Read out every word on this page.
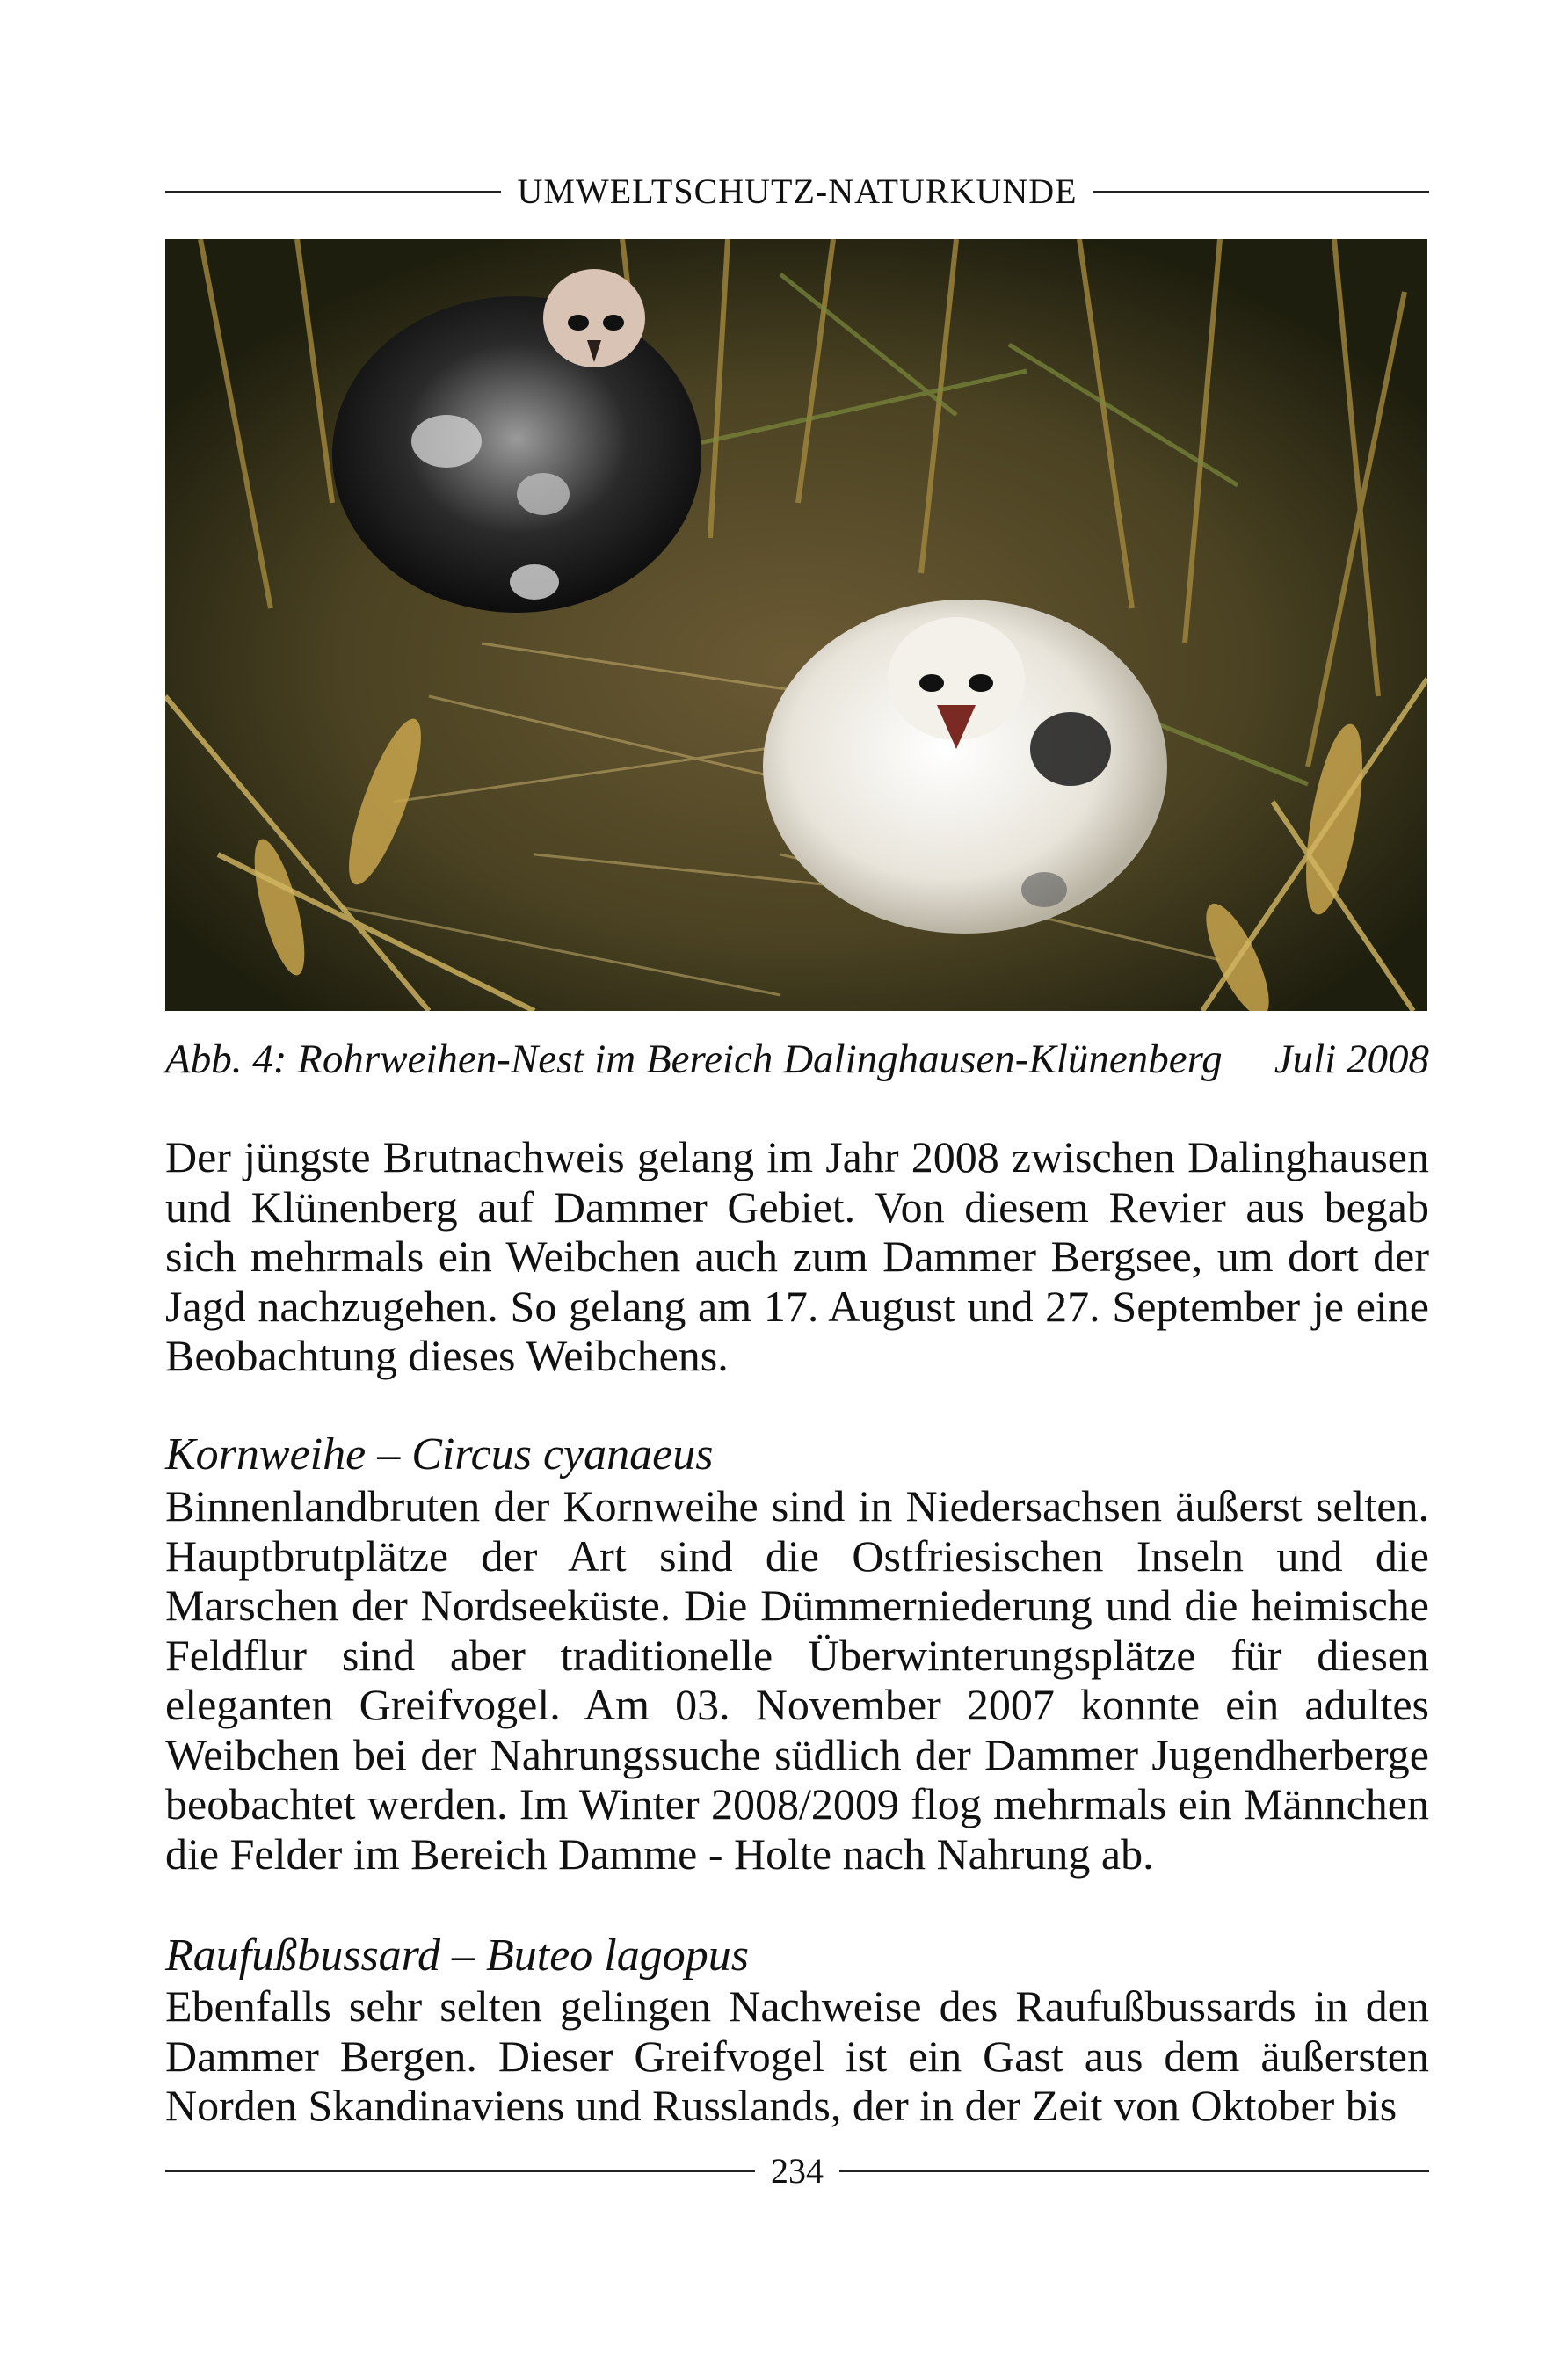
UMWELTSCHUTZ-NATURKUNDE
Abb. 4: Rohrweihen-Nest im Bereich Dalinghausen-Klünenberg Juli 2008

Der jüngste Brutnachweis gelang im Jahr 2008 zwischen Dalinghausen und Klünenberg auf Dammer Gebiet. Von diesem Revier aus begab sich mehrmals ein Weibchen auch zum Dammer Bergsee, um dort der Jagd nachzugehen. So gelang am 17. August und 27. September je eine Beobachtung dieses Weibchens.

Kornweihe – Circus cyanaeus

Binnenlandbruten der Kornweihe sind in Niedersachsen äußerst selten. Hauptbrutplätze der Art sind die Ostfriesischen Inseln und die Marschen der Nordseeküste. Die Dümmerniederung und die heimische Feldflur sind aber traditionelle Überwinterungsplätze für diesen eleganten Greifvogel. Am 03. November 2007 konnte ein adultes Weibchen bei der Nahrungssuche südlich der Dammer Jugendherberge beobachtet werden. Im Winter 2008/2009 flog mehrmals ein Männchen die Felder im Bereich Damme - Holte nach Nahrung ab.

Raufußbussard – Buteo lagopus

Ebenfalls sehr selten gelingen Nachweise des Raufußbussards in den Dammer Bergen. Dieser Greifvogel ist ein Gast aus dem äußersten Norden Skandinaviens und Russlands, der in der Zeit von Oktober bis

234
